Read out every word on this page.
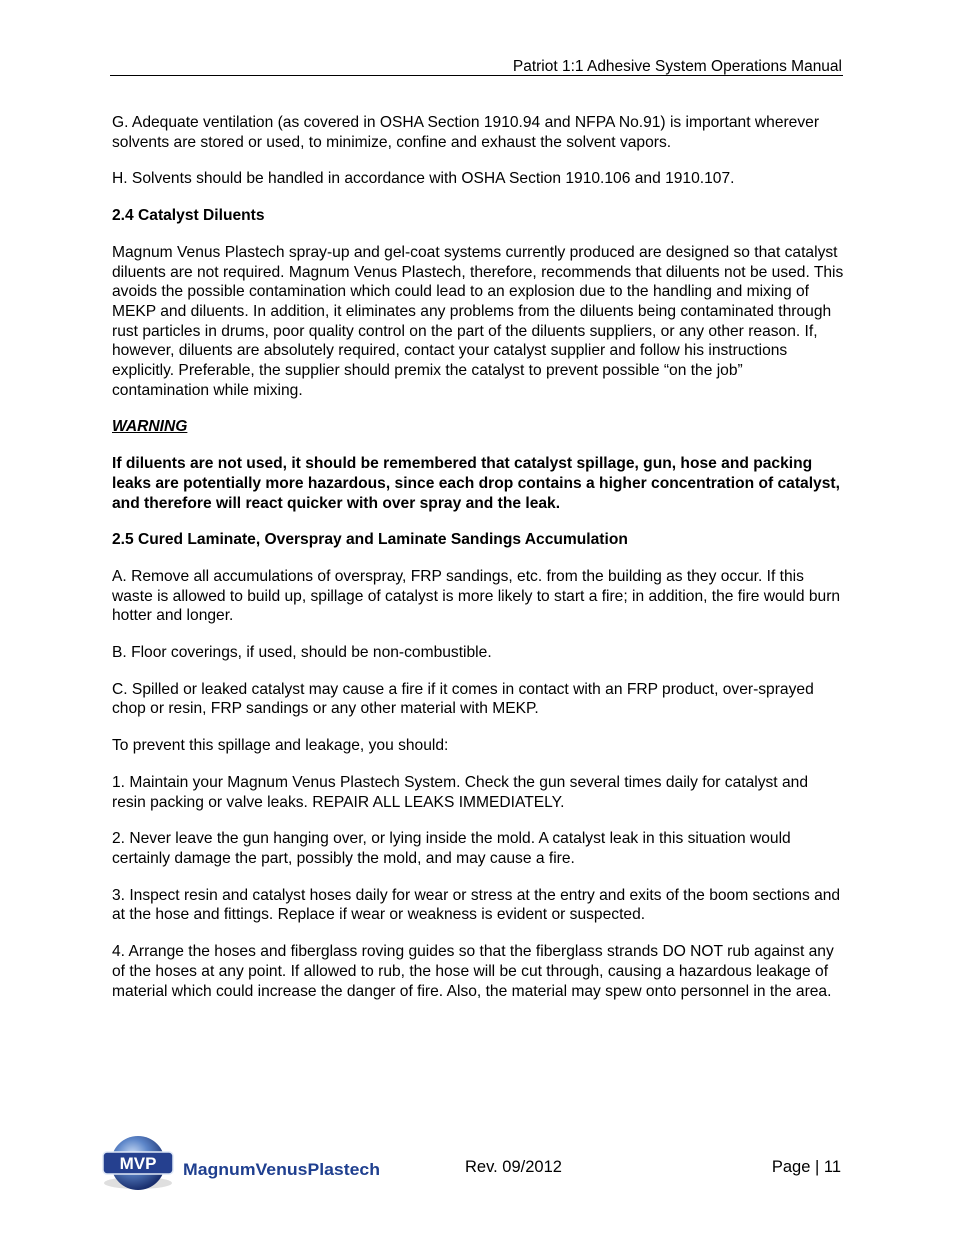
Patriot 1:1 Adhesive System Operations Manual

G. Adequate ventilation (as covered in OSHA Section 1910.94 and NFPA No.91) is important wherever solvents are stored or used, to minimize, confine and exhaust the solvent vapors.

H. Solvents should be handled in accordance with OSHA Section 1910.106 and 1910.107.

2.4 Catalyst Diluents

Magnum Venus Plastech spray-up and gel-coat systems currently produced are designed so that catalyst diluents are not required. Magnum Venus Plastech, therefore, recommends that diluents not be used. This avoids the possible contamination which could lead to an explosion due to the handling and mixing of MEKP and diluents. In addition, it eliminates any problems from the diluents being contaminated through rust particles in drums, poor quality control on the part of the diluents suppliers, or any other reason. If, however, diluents are absolutely required, contact your catalyst supplier and follow his instructions explicitly. Preferable, the supplier should premix the catalyst to prevent possible “on the job” contamination while mixing.

WARNING

If diluents are not used, it should be remembered that catalyst spillage, gun, hose and packing leaks are potentially more hazardous, since each drop contains a higher concentration of catalyst, and therefore will react quicker with over spray and the leak.

2.5 Cured Laminate, Overspray and Laminate Sandings Accumulation

A. Remove all accumulations of overspray, FRP sandings, etc. from the building as they occur. If this waste is allowed to build up, spillage of catalyst is more likely to start a fire; in addition, the fire would burn hotter and longer.

B. Floor coverings, if used, should be non-combustible.

C. Spilled or leaked catalyst may cause a fire if it comes in contact with an FRP product, over-sprayed chop or resin, FRP sandings or any other material with MEKP.

To prevent this spillage and leakage, you should:

1. Maintain your Magnum Venus Plastech System. Check the gun several times daily for catalyst and resin packing or valve leaks. REPAIR ALL LEAKS IMMEDIATELY.

2. Never leave the gun hanging over, or lying inside the mold. A catalyst leak in this situation would certainly damage the part, possibly the mold, and may cause a fire.

3. Inspect resin and catalyst hoses daily for wear or stress at the entry and exits of the boom sections and at the hose and fittings. Replace if wear or weakness is evident or suspected.

4. Arrange the hoses and fiberglass roving guides so that the fiberglass strands DO NOT rub against any of the hoses at any point. If allowed to rub, the hose will be cut through, causing a hazardous leakage of material which could increase the danger of fire. Also, the material may spew onto personnel in the area.

MVP MagnumVenusPlastech	Rev. 09/2012	Page | 11
